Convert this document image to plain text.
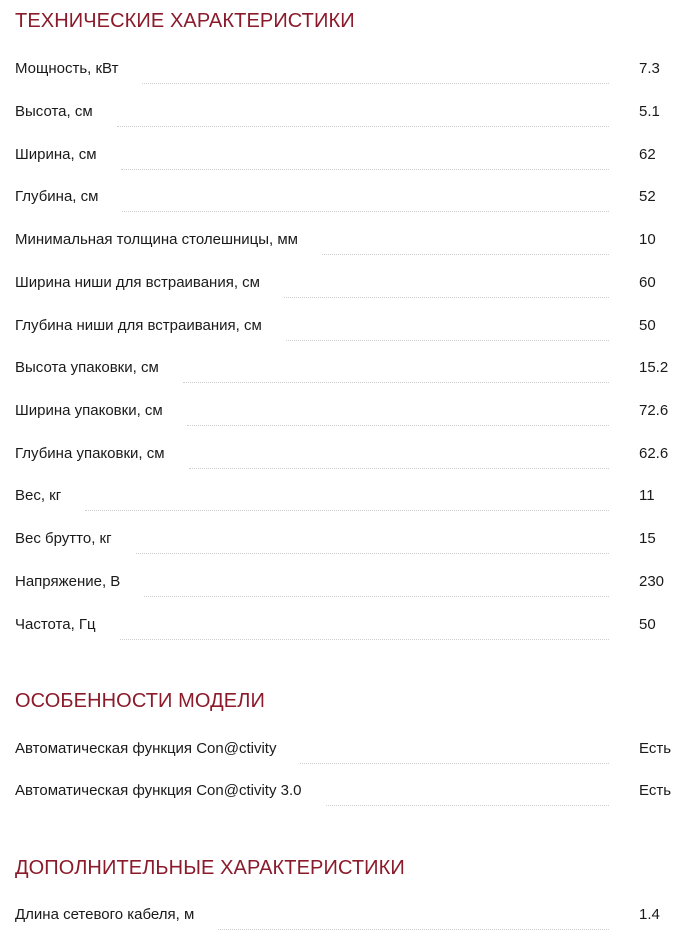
ТЕХНИЧЕСКИЕ ХАРАКТЕРИСТИКИ
Мощность, кВт	7.3
Высота, см	5.1
Ширина, см	62
Глубина, см	52
Минимальная толщина столешницы, мм	10
Ширина ниши для встраивания, см	60
Глубина ниши для встраивания, см	50
Высота упаковки, см	15.2
Ширина упаковки, см	72.6
Глубина упаковки, см	62.6
Вес, кг	11
Вес брутто, кг	15
Напряжение, В	230
Частота, Гц	50
ОСОБЕННОСТИ МОДЕЛИ
Автоматическая функция Con@ctivity	Есть
Автоматическая функция Con@ctivity 3.0	Есть
ДОПОЛНИТЕЛЬНЫЕ ХАРАКТЕРИСТИКИ
Длина сетевого кабеля, м	1.4
